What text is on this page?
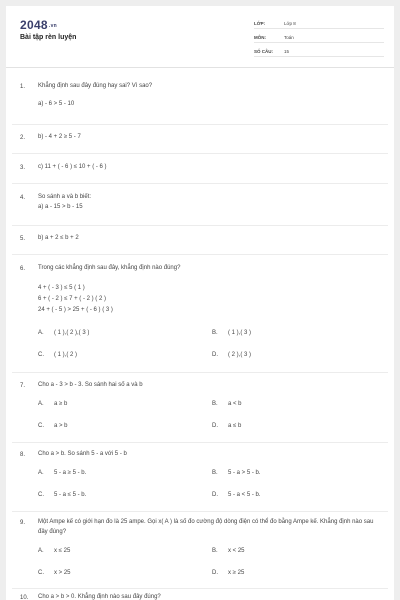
2048.vn
Bài tập rèn luyện
LỚP:	Lớp 8
MÔN:	Toán
SỐ CÂU:	15
1. Khẳng định sau đây đúng hay sai? Vì sao?
a) - 6 > 5 - 10
2. b) - 4 + 2 ≥ 5 - 7
3. c) 11 + ( - 6 ) ≤ 10 + ( - 6 )
4. So sánh a và b biết:
a) a - 15 > b - 15
5. b) a + 2 ≤ b + 2
6. Trong các khẳng định sau đây, khẳng định nào đúng?
4 + ( - 3 ) ≤ 5 ( 1 )
6 + ( - 2 ) ≤ 7 + ( - 2 ) ( 2 )
24 + ( - 5 ) > 25 + ( - 6 ) ( 3 )
A. ( 1 ),( 2 ),( 3 )	B. ( 1 ),( 3 )
C. ( 1 ),( 2 )	D. ( 2 ),( 3 )
7. Cho a - 3 > b - 3. So sánh hai số a và b
A. a ≥ b	B. a < b
C. a > b	D. a ≤ b
8. Cho a > b. So sánh 5 - a với 5 - b
A. 5 - a ≥ 5 - b.	B. 5 - a > 5 - b.
C. 5 - a ≤ 5 - b.	D. 5 - a < 5 - b.
9. Một Ampe kế có giới hạn đo là 25 ampe. Gọi x( A ) là số đo cường độ dòng điện có thể đo bằng Ampe kế. Khẳng định nào sau đây đúng?
A. x ≤ 25	B. x < 25
C. x > 25	D. x ≥ 25
10. Cho a > b > 0. Khẳng định nào sau đây đúng?
